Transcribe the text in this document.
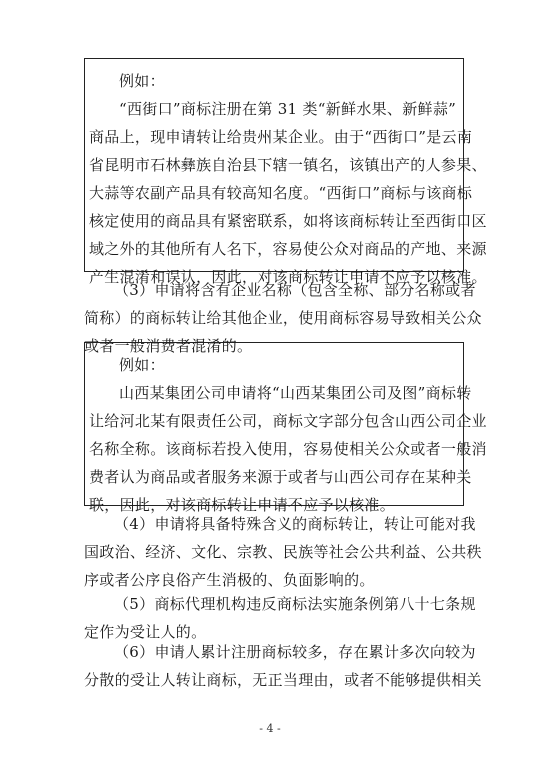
例如：
“西街口”商标注册在第 31 类“新鲜水果、新鲜蒜”
商品上，现申请转让给贵州某企业。由于“西街口”是云南
省昆明市石林彝族自治县下辖一镇名，该镇出产的人参果、
大蒜等农副产品具有较高知名度。“西街口”商标与该商标
核定使用的商品具有紧密联系，如将该商标转让至西街口区
域之外的其他所有人名下，容易使公众对商品的产地、来源
产生混淆和误认，因此，对该商标转让申请不应予以核准。
（3）申请将含有企业名称（包含全称、部分名称或者
简称）的商标转让给其他企业，使用商标容易导致相关公众
或者一般消费者混淆的。
例如：
山西某集团公司申请将“山西某集团公司及图”商标转
让给河北某有限责任公司，商标文字部分包含山西公司企业
名称全称。该商标若投入使用，容易使相关公众或者一般消
费者认为商品或者服务来源于或者与山西公司存在某种关
联，因此，对该商标转让申请不应予以核准。
（4）申请将具备特殊含义的商标转让，转让可能对我
国政治、经济、文化、宗教、民族等社会公共利益、公共秩
序或者公序良俗产生消极的、负面影响的。
（5）商标代理机构违反商标法实施条例第八十七条规
定作为受让人的。
（6）申请人累计注册商标较多，存在累计多次向较为
分散的受让人转让商标，无正当理由，或者不能够提供相关
- 4 -
